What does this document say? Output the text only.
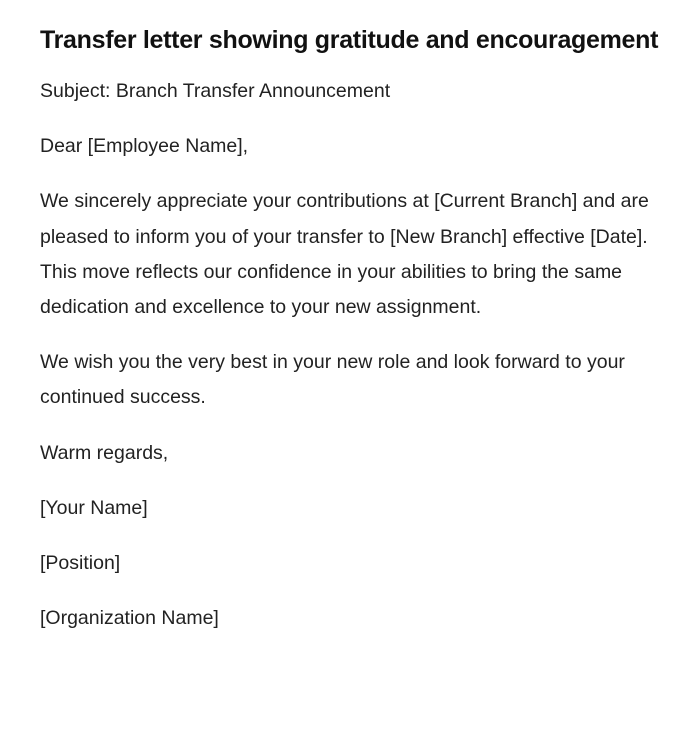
Transfer letter showing gratitude and encouragement

Subject: Branch Transfer Announcement

Dear [Employee Name],

We sincerely appreciate your contributions at [Current Branch] and are pleased to inform you of your transfer to [New Branch] effective [Date]. This move reflects our confidence in your abilities to bring the same dedication and excellence to your new assignment.

We wish you the very best in your new role and look forward to your continued success.

Warm regards,

[Your Name]

[Position]

[Organization Name]
